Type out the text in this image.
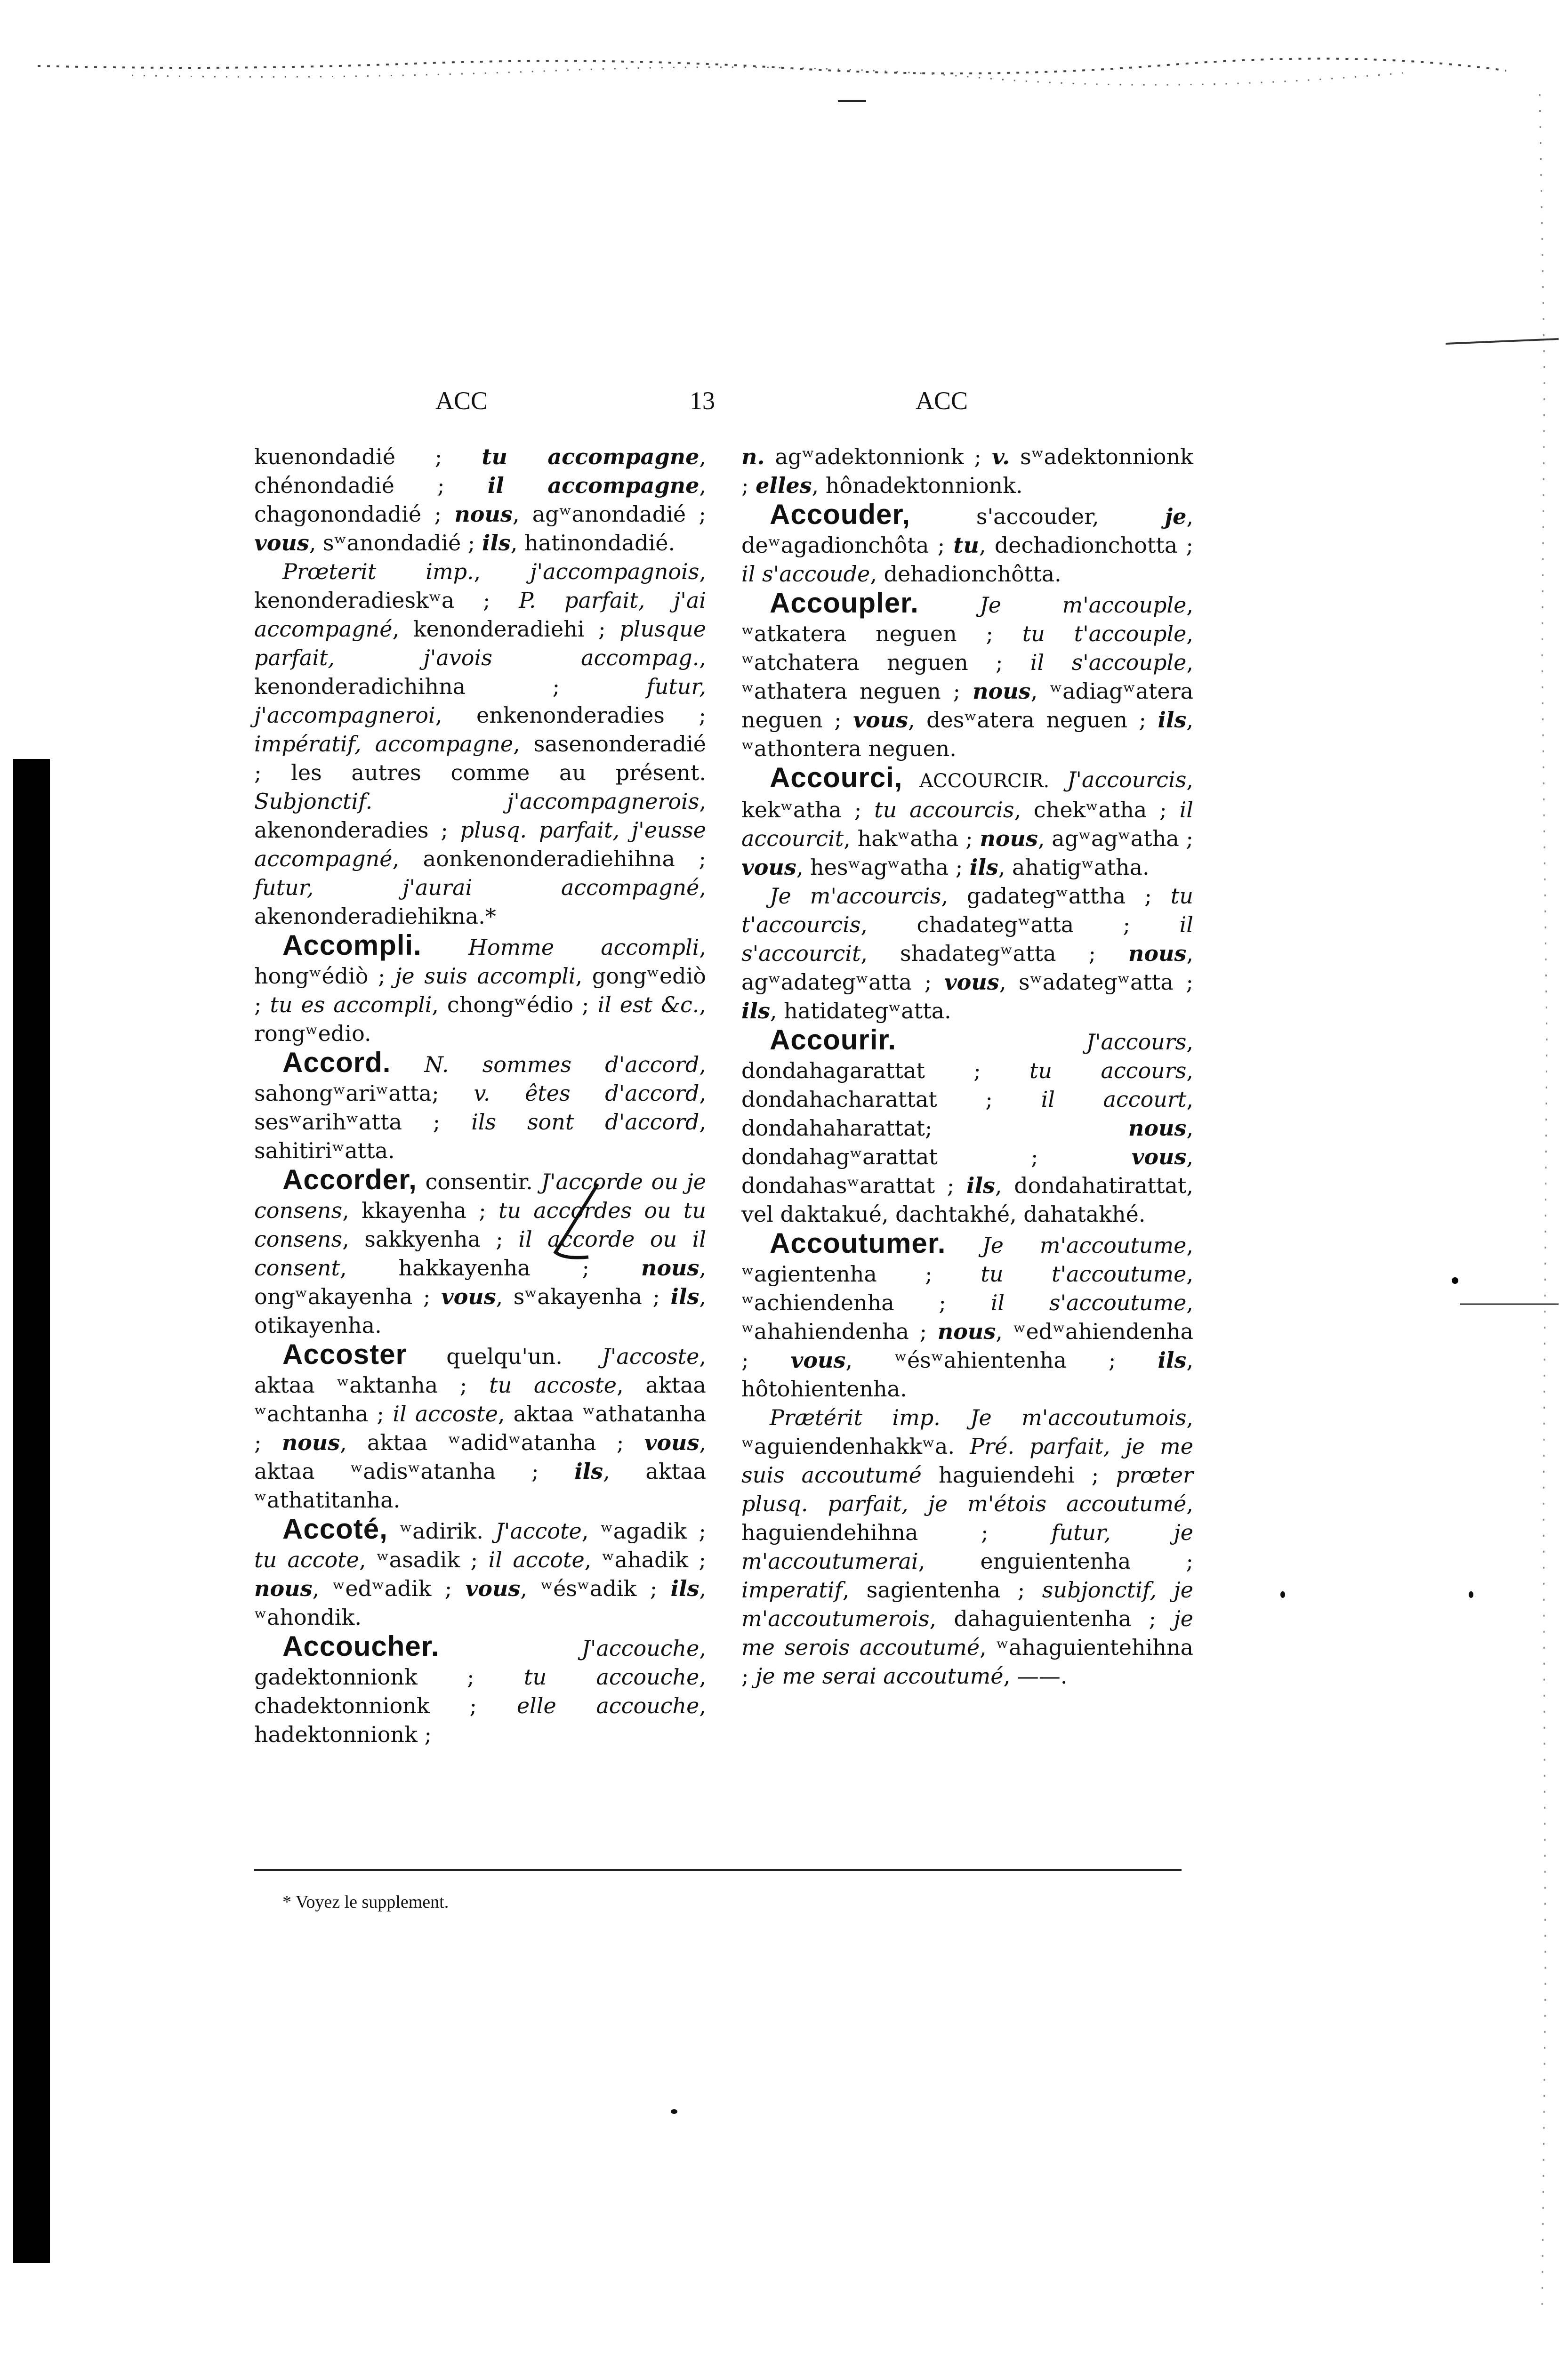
ACC	13	ACC

kuenondadié ; tu accompagne, chénondadié ; il accompagne, chagonondadié ; nous, agʷanondadié ; vous, sʷanondadié ; ils, hatinondadié.

Prœterit imp., j'accompagnois, kenonderadieskʷa ; P. parfait, j'ai accompagné, kenonderadiehi ; plusque parfait, j'avois accompag., kenonderadichihna ; futur, j'accompagneroi, enkenonderadies ; impératif, accompagne, sasenonderadié ; les autres comme au présent. Subjonctif. j'accompagnerois, akenonderadies ; plusq. parfait, j'eusse accompagné, aonkenonderadiehihna ; futur, j'aurai accompagné, akenonderadiehikna.*

Accompli. Homme accompli, hongʷédiò ; je suis accompli, gongʷediò ; tu es accompli, chongʷédio ; il est &c., rongʷedio.

Accord. N. sommes d'accord, sahongʷariʷatta; v. êtes d'accord, sesʷarihʷatta ; ils sont d'accord, sahitiriʷatta.

Accorder, consentir. J'accorde ou je consens, kkayenha ; tu accordes ou tu consens, sakkyenha ; il accorde ou il consent, hakkayenha ; nous, ongʷakayenha ; vous, sʷakayenha ; ils, otikayenha.

Accoster quelqu'un. J'accoste, aktaa ʷaktanha ; tu accoste, aktaa ʷachtanha ; il accoste, aktaa ʷathatanha ; nous, aktaa ʷadidʷatanha ; vous, aktaa ʷadisʷatanha ; ils, aktaa ʷathatitanha.

Accoté, ʷadirik. J'accote, ʷagadik ; tu accote, ʷasadik ; il accote, ʷahadik ; nous, ʷedʷadik ; vous, ʷésʷadik ; ils, ʷahondik.

Accoucher. J'accouche, gadektonnionk ; tu accouche, chadektonnionk ; elle accouche, hadektonnionk ;

n. agʷadektonnionk ; v. sʷadektonnionk ; elles, hônadektonnionk.

Accouder, s'accouder, je, deʷagadionchôta ; tu, dechadionchotta ; il s'accoude, dehadionchôtta.

Accoupler. Je m'accouple, ʷatkatera neguen ; tu t'accouple, ʷatchatera neguen ; il s'accouple, ʷathatera neguen ; nous, ʷadiagʷatera neguen ; vous, desʷatera neguen ; ils, ʷathontera neguen.

Accourci, ACCOURCIR. J'accourcis, kekʷatha ; tu accourcis, chekʷatha ; il accourcit, hakʷatha ; nous, agʷagʷatha ; vous, hesʷagʷatha ; ils, ahatigʷatha.

Je m'accourcis, gadategʷattha ; tu t'accourcis, chadategʷatta ; il s'accourcit, shadategʷatta ; nous, agʷadategʷatta ; vous, sʷadategʷatta ; ils, hatidategʷatta.

Accourir. J'accours, dondahagarattat ; tu accours, dondahacharattat ; il accourt, dondahaharattat; nous, dondahagʷarattat ; vous, dondahasʷarattat ; ils, dondahatirattat, vel daktakué, dachtakhé, dahatakhé.

Accoutumer. Je m'accoutume, ʷagientenha ; tu t'accoutume, ʷachiendenha ; il s'accoutume, ʷahahiendenha ; nous, ʷedʷahiendenha ; vous, ʷésʷahientenha ; ils, hôtohientenha.

Prætérit imp. Je m'accoutumois, ʷaguiendenhakkʷa. Pré. parfait, je me suis accoutumé haguiendehi ; prœter plusq. parfait, je m'étois accoutumé, haguiendehihna ; futur, je m'accoutumerai, enguientenha ; imperatif, sagientenha ; subjonctif, je m'accoutumerois, dahaguientenha ; je me serois accoutumé, ʷahaguientehihna ; je me serai accoutumé, ——.

* Voyez le supplement.
